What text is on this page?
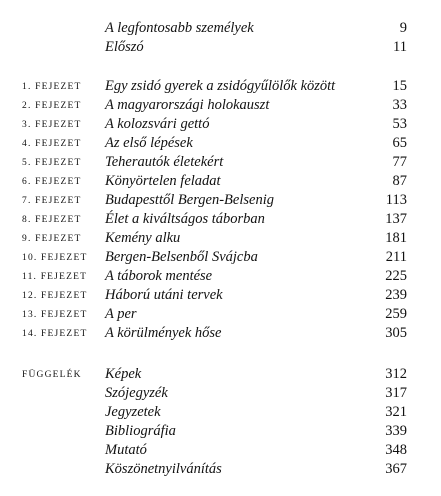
A legfontosabb személyek	9
Előszó	11
1. FEJEZET Egy zsidó gyerek a zsidógyűlölők között	15
2. FEJEZET A magyarországi holokauszt	33
3. FEJEZET A kolozsvári gettó	53
4. FEJEZET Az első lépések	65
5. FEJEZET Teherautók életekért	77
6. FEJEZET Könyörtelen feladat	87
7. FEJEZET Budapesttől Bergen-Belsenig	113
8. FEJEZET Élet a kiváltságos táborban	137
9. FEJEZET Kemény alku	181
10. FEJEZET Bergen-Belsenből Svájcba	211
11. FEJEZET A táborok mentése	225
12. FEJEZET Háború utáni tervek	239
13. FEJEZET A per	259
14. FEJEZET A körülmények hőse	305
FÜGGELÉK Képek	312
Szójegyzék	317
Jegyzetek	321
Bibliográfia	339
Mutató	348
Köszönetnyilvánítás	367
